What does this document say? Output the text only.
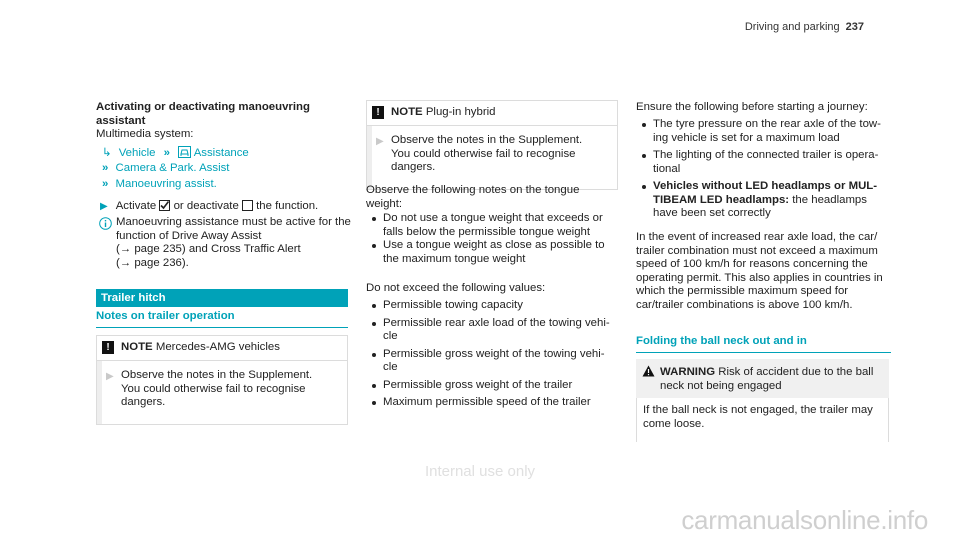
Driving and parking 237
Activating or deactivating manoeuvring assistant
Multimedia system:
↳ Vehicle » Assistance
» Camera & Park. Assist
» Manoeuvring assist.
▶ Activate or deactivate the function.
Manoeuvring assistance must be active for the function of Drive Away Assist
(→ page 235) and Cross Traffic Alert
(→ page 236).
Trailer hitch
Notes on trailer operation
! NOTE Mercedes-AMG vehicles
▶ Observe the notes in the Supplement.
You could otherwise fail to recognise
dangers.
! NOTE Plug-in hybrid
▶ Observe the notes in the Supplement.
You could otherwise fail to recognise
dangers.
Observe the following notes on the tongue weight:
Do not use a tongue weight that exceeds or falls below the permissible tongue weight
Use a tongue weight as close as possible to the maximum tongue weight
Do not exceed the following values:
Permissible towing capacity
Permissible rear axle load of the towing vehi-cle
Permissible gross weight of the towing vehi-cle
Permissible gross weight of the trailer
Maximum permissible speed of the trailer
Ensure the following before starting a journey:
The tyre pressure on the rear axle of the tow-ing vehicle is set for a maximum load
The lighting of the connected trailer is opera-tional
Vehicles without LED headlamps or MUL-TIBEAM LED headlamps: the headlamps have been set correctly
In the event of increased rear axle load, the car/ trailer combination must not exceed a maximum speed of 100 km/h for reasons concerning the operating permit. This also applies in countries in which the permissible maximum speed for car/trailer combinations is above 100 km/h.
Folding the ball neck out and in
WARNING Risk of accident due to the ball neck not being engaged
If the ball neck is not engaged, the trailer may come loose.
Internal use only
carmanualsonline.info
